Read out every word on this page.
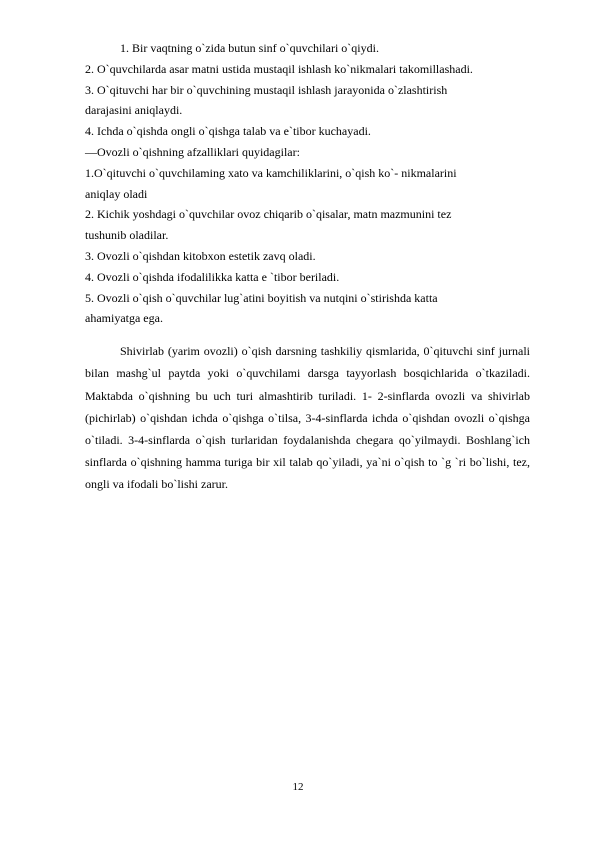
1. Bir vaqtning o`zida butun sinf o`quvchilari o`qiydi.
2. O`quvchilarda asar matni ustida mustaqil ishlash ko`nikmalari takomillashadi.
3. O`qituvchi har bir o`quvchining mustaqil ishlash jarayonida o`zlashtirish
darajasini aniqlaydi.
4. Ichda o`qishda ongli o`qishga talab va e`tibor kuchayadi.
—Ovozli o`qishning afzalliklari quyidagilar:
1.O`qituvchi o`quvchilaming xato va kamchiliklarini, o`qish ko`- nikmalarini
aniqlay oladi
2. Kichik yoshdagi o`quvchilar ovoz chiqarib o`qisalar, matn mazmunini tez
tushunib oladilar.
3. Ovozli o`qishdan kitobxon estetik zavq oladi.
4. Ovozli o`qishda ifodalilikka katta e `tibor beriladi.
5. Ovozli o`qish o`quvchilar lug`atini boyitish va nutqini o`stirishda katta
ahamiyatga ega.

Shivirlab (yarim ovozli) o`qish darsning tashkiliy qismlarida, 0`qituvchi sinf jurnali bilan mashg`ul paytda yoki o`quvchilami darsga tayyorlash bosqichlarida o`tkaziladi. Maktabda o`qishning bu uch turi almashtirib turiladi. 1- 2-sinflarda ovozli va shivirlab (pichirlab) o`qishdan ichda o`qishga o`tilsa, 3-4-sinflarda ichda o`qishdan ovozli o`qishga o`tiladi. 3-4-sinflarda o`qish turlaridan foydalanishda chegara qo`yilmaydi. Boshlang`ich sinflarda o`qishning hamma turiga bir xil talab qo`yiladi, ya`ni o`qish to `g `ri bo`lishi, tez, ongli va ifodali bo`lishi zarur.

12
